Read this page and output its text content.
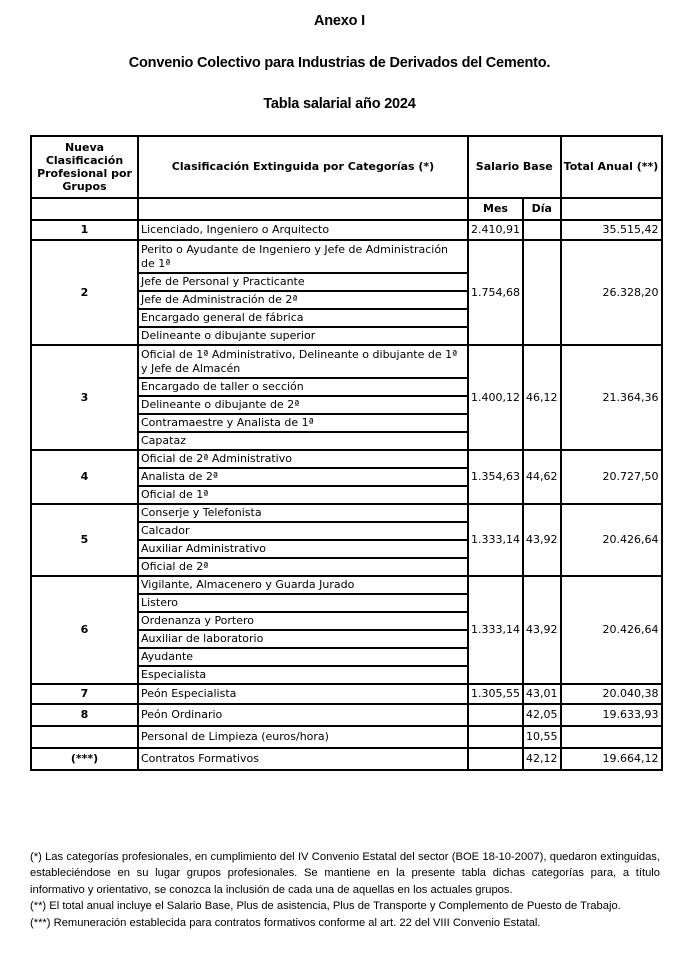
Anexo I
Convenio Colectivo para Industrias de Derivados del Cemento.
Tabla salarial año 2024
Nueva Clasificación Profesional por Grupos	Clasificación Extinguida por Categorías (*)	Salario Base		Total Anual (**)
		Mes	Día	
1	Licenciado, Ingeniero o Arquitecto	2.410,91		35.515,42
2	Perito o Ayudante de Ingeniero y Jefe de Administración de 1ª	1.754,68		26.328,20
	Jefe de Personal y Practicante			
	Jefe de Administración de 2ª			
	Encargado general de fábrica			
	Delineante o dibujante superior			
3	Oficial de 1ª Administrativo, Delineante o dibujante de 1ª y Jefe de Almacén	1.400,12	46,12	21.364,36
	Encargado de taller o sección			
	Delineante o dibujante de 2ª			
	Contramaestre y Analista de 1ª			
	Capataz			
4	Oficial de 2ª Administrativo	1.354,63	44,62	20.727,50
	Analista de 2ª			
	Oficial de 1ª			
5	Conserje y Telefonista	1.333,14	43,92	20.426,64
	Calcador			
	Auxiliar Administrativo			
	Oficial de 2ª			
6	Vigilante, Almacenero y Guarda Jurado	1.333,14	43,92	20.426,64
	Listero			
	Ordenanza y Portero			
	Auxiliar de laboratorio			
	Ayudante			
	Especialista			
7	Peón Especialista	1.305,55	43,01	20.040,38
8	Peón Ordinario		42,05	19.633,93
	Personal de Limpieza (euros/hora)		10,55	
(***)	Contratos Formativos		42,12	19.664,12

(*) Las categorías profesionales, en cumplimiento del IV Convenio Estatal del sector (BOE 18-10-2007), quedaron extinguidas, estableciéndose en su lugar grupos profesionales. Se mantiene en la presente tabla dichas categorías para, a título informativo y orientativo, se conozca la inclusión de cada una de aquellas en los actuales grupos.

(**) El total anual incluye el Salario Base, Plus de asistencia, Plus de Transporte y Complemento de Puesto de Trabajo.

(***) Remuneración establecida para contratos formativos conforme al art. 22 del VIII Convenio Estatal.
